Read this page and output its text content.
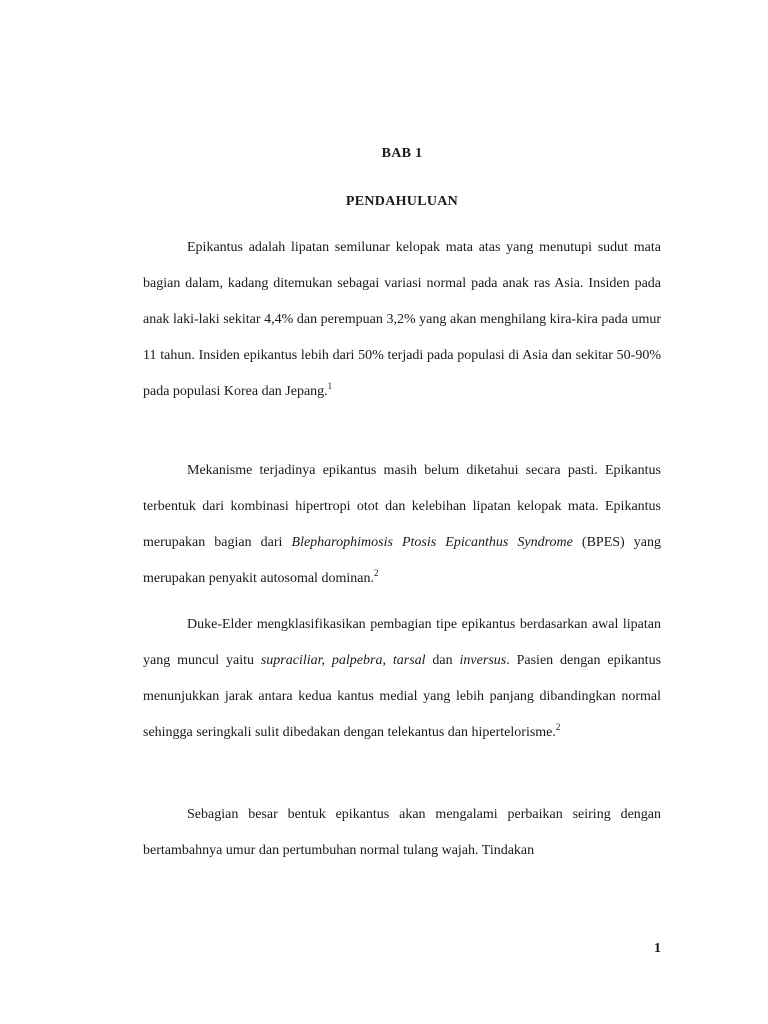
BAB 1
PENDAHULUAN

Epikantus adalah lipatan semilunar kelopak mata atas yang menutupi sudut mata bagian dalam, kadang ditemukan sebagai variasi normal pada anak ras Asia. Insiden pada anak laki-laki sekitar 4,4% dan perempuan 3,2% yang akan menghilang kira-kira pada umur 11 tahun. Insiden epikantus lebih dari 50% terjadi pada populasi di Asia dan sekitar 50-90% pada populasi Korea dan Jepang.$^1$

Mekanisme terjadinya epikantus masih belum diketahui secara pasti. Epikantus terbentuk dari kombinasi hipertropi otot dan kelebihan lipatan kelopak mata. Epikantus merupakan bagian dari Blepharophimosis Ptosis Epicanthus Syndrome (BPES) yang merupakan penyakit autosomal dominan.$^2$

Duke-Elder mengklasifikasikan pembagian tipe epikantus berdasarkan awal lipatan yang muncul yaitu supraciliar, palpebra, tarsal dan inversus. Pasien dengan epikantus menunjukkan jarak antara kedua kantus medial yang lebih panjang dibandingkan normal sehingga seringkali sulit dibedakan dengan telekantus dan hipertelorisme.$^2$

Sebagian besar bentuk epikantus akan mengalami perbaikan seiring dengan bertambahnya umur dan pertumbuhan normal tulang wajah. Tindakan

1
